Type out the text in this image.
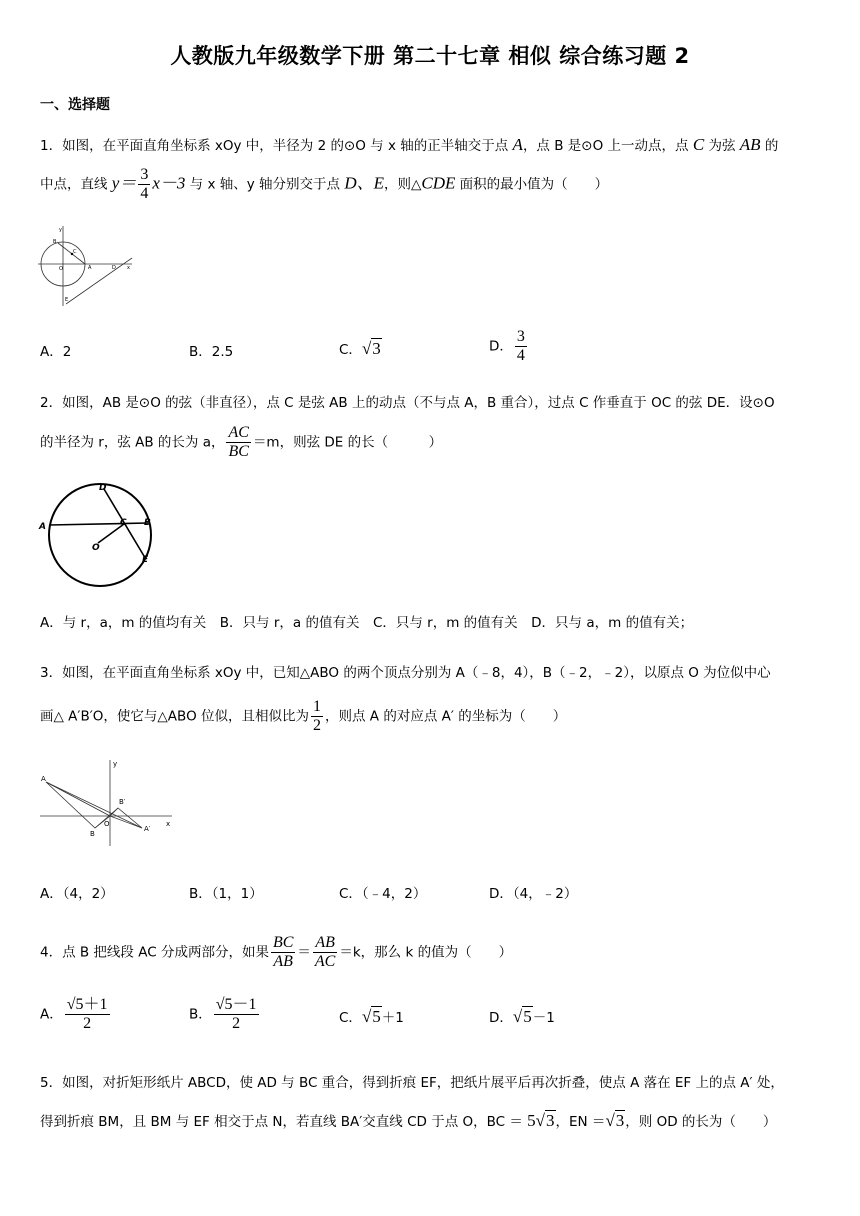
人教版九年级数学下册 第二十七章 相似 综合练习题 2
一、选择题
1．如图，在平面直角坐标系 xOy 中，半径为 2 的⊙O 与 x 轴的正半轴交于点 A，点 B 是⊙O 上一动点，点 C 为弦 AB 的
中点，直线 $y= \frac{3}{4} x-3$ 与 x 轴、y 轴分别交于点 D、E，则△CDE 面积的最小值为（　　）
y
B
C
O	A	D x
E
A．2	B．2.5	C．√3	D． $\frac{3}{4}$
2．如图，AB 是⊙O 的弦（非直径），点 C 是弦 AB 上的动点（不与点 A，B 重合），过点 C 作垂直于 OC 的弦 DE．设⊙O
的半径为 r，弦 AB 的长为 a， $\frac{AC}{BC} =m$，则弦 DE 的长（　　　）
A
D
C B
O
E
A．与 r，a，m 的值均有关　B．只与 r，a 的值有关　C．只与 r，m 的值有关　D．只与 a，m 的值有关；
3．如图，在平面直角坐标系 xOy 中，已知△ABO 的两个顶点分别为 A（﹣8，4），B（﹣2，﹣2），以原点 O 为位似中心
画△ A′B′O，使它与△ABO 位似，且相似比为 $\frac{1}{2}$ ，则点 A 的对应点 A′ 的坐标为（　　）
y
A
B′
B
O
A′
x
A．（4，2）	B．（1，1）	C．（﹣4，2）	D．（4，﹣2）
4．点 B 把线段 AC 分成两部分，如果 $\frac{BC}{AB} = \frac{AB}{AC} =k$，那么 k 的值为（　　）
A． $\frac{√5+1}{2}$	B． $\frac{√5-1}{2}$	C．√5＋1	D．√5－1
5．如图，对折矩形纸片 ABCD，使 AD 与 BC 重合，得到折痕 EF，把纸片展平后再次折叠，使点 A 落在 EF 上的点 A′ 处，
得到折痕 BM，且 BM 与 EF 相交于点 N，若直线 BA′交直线 CD 于点 O，BC ＝ 5√3，EN ＝√3，则 OD 的长为（　　）
